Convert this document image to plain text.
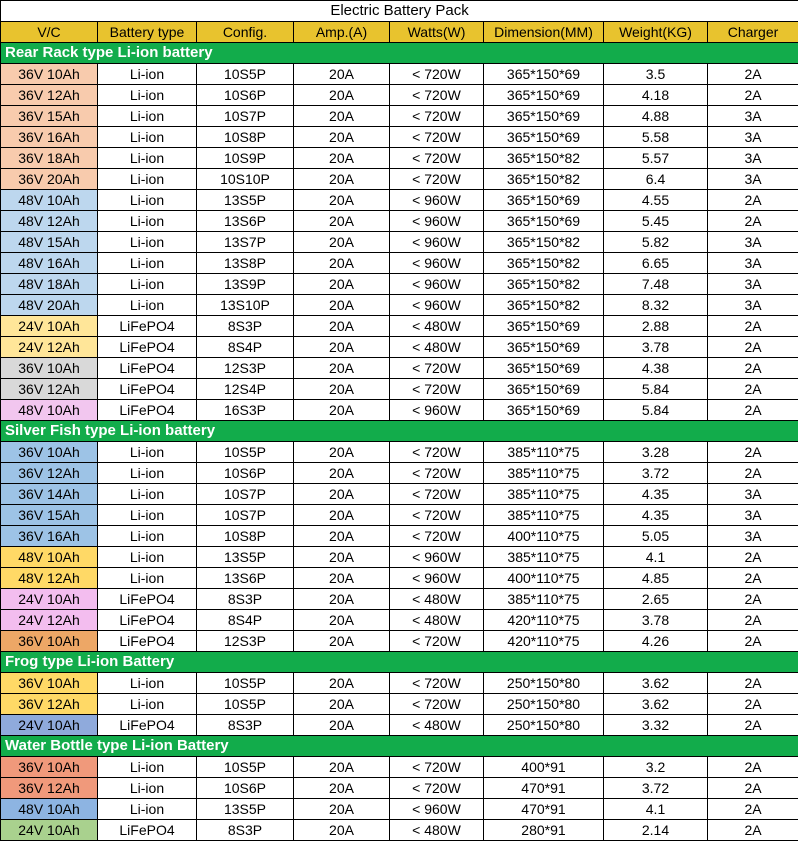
Electric Battery Pack							
V/C	Battery type	Config.	Amp.(A)	Watts(W)	Dimension(MM)	Weight(KG)	Charger
Rear Rack type Li-ion battery							
36V 10Ah	Li-ion	10S5P	20A	< 720W	365*150*69	3.5	2A
36V 12Ah	Li-ion	10S6P	20A	< 720W	365*150*69	4.18	2A
36V 15Ah	Li-ion	10S7P	20A	< 720W	365*150*69	4.88	3A
36V 16Ah	Li-ion	10S8P	20A	< 720W	365*150*69	5.58	3A
36V 18Ah	Li-ion	10S9P	20A	< 720W	365*150*82	5.57	3A
36V 20Ah	Li-ion	10S10P	20A	< 720W	365*150*82	6.4	3A
48V 10Ah	Li-ion	13S5P	20A	< 960W	365*150*69	4.55	2A
48V 12Ah	Li-ion	13S6P	20A	< 960W	365*150*69	5.45	2A
48V 15Ah	Li-ion	13S7P	20A	< 960W	365*150*82	5.82	3A
48V 16Ah	Li-ion	13S8P	20A	< 960W	365*150*82	6.65	3A
48V 18Ah	Li-ion	13S9P	20A	< 960W	365*150*82	7.48	3A
48V 20Ah	Li-ion	13S10P	20A	< 960W	365*150*82	8.32	3A
24V 10Ah	LiFePO4	8S3P	20A	< 480W	365*150*69	2.88	2A
24V 12Ah	LiFePO4	8S4P	20A	< 480W	365*150*69	3.78	2A
36V 10Ah	LiFePO4	12S3P	20A	< 720W	365*150*69	4.38	2A
36V 12Ah	LiFePO4	12S4P	20A	< 720W	365*150*69	5.84	2A
48V 10Ah	LiFePO4	16S3P	20A	< 960W	365*150*69	5.84	2A
Silver Fish type Li-ion battery							
36V 10Ah	Li-ion	10S5P	20A	< 720W	385*110*75	3.28	2A
36V 12Ah	Li-ion	10S6P	20A	< 720W	385*110*75	3.72	2A
36V 14Ah	Li-ion	10S7P	20A	< 720W	385*110*75	4.35	3A
36V 15Ah	Li-ion	10S7P	20A	< 720W	385*110*75	4.35	3A
36V 16Ah	Li-ion	10S8P	20A	< 720W	400*110*75	5.05	3A
48V 10Ah	Li-ion	13S5P	20A	< 960W	385*110*75	4.1	2A
48V 12Ah	Li-ion	13S6P	20A	< 960W	400*110*75	4.85	2A
24V 10Ah	LiFePO4	8S3P	20A	< 480W	385*110*75	2.65	2A
24V 12Ah	LiFePO4	8S4P	20A	< 480W	420*110*75	3.78	2A
36V 10Ah	LiFePO4	12S3P	20A	< 720W	420*110*75	4.26	2A
Frog type Li-ion Battery							
36V 10Ah	Li-ion	10S5P	20A	< 720W	250*150*80	3.62	2A
36V 12Ah	Li-ion	10S5P	20A	< 720W	250*150*80	3.62	2A
24V 10Ah	LiFePO4	8S3P	20A	< 480W	250*150*80	3.32	2A
Water Bottle type Li-ion Battery							
36V 10Ah	Li-ion	10S5P	20A	< 720W	400*91	3.2	2A
36V 12Ah	Li-ion	10S6P	20A	< 720W	470*91	3.72	2A
48V 10Ah	Li-ion	13S5P	20A	< 960W	470*91	4.1	2A
24V 10Ah	LiFePO4	8S3P	20A	< 480W	280*91	2.14	2A
